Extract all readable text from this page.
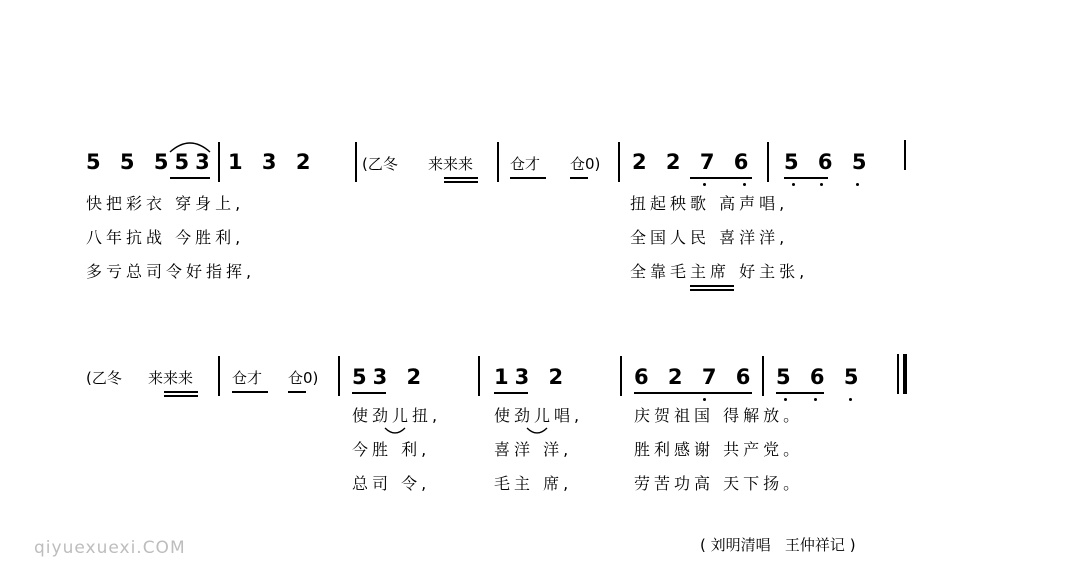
5 5 553 1 3 2	(乙冬 来来来 仓才 仓0) 2 2 7 6 5 6 5
快把彩衣 穿身上,
八年抗战 今胜利,
多亏总司令好指挥,
扭起秧歌 高声唱,
全国人民 喜洋洋,
全靠毛主席 好主张,
(乙冬 来来来	仓才 仓0) 53 2	13 2	6 2 7 6 5 6 5
使劲儿扭,	使劲儿唱,	庆贺祖国 得解放。
今胜 利,	喜洋 洋,	胜利感谢 共产党。
总司 令,	毛主 席,	劳苦功高 天下扬。
( 刘明清唱   王仲祥记 )
qiyuexuexi.COM
